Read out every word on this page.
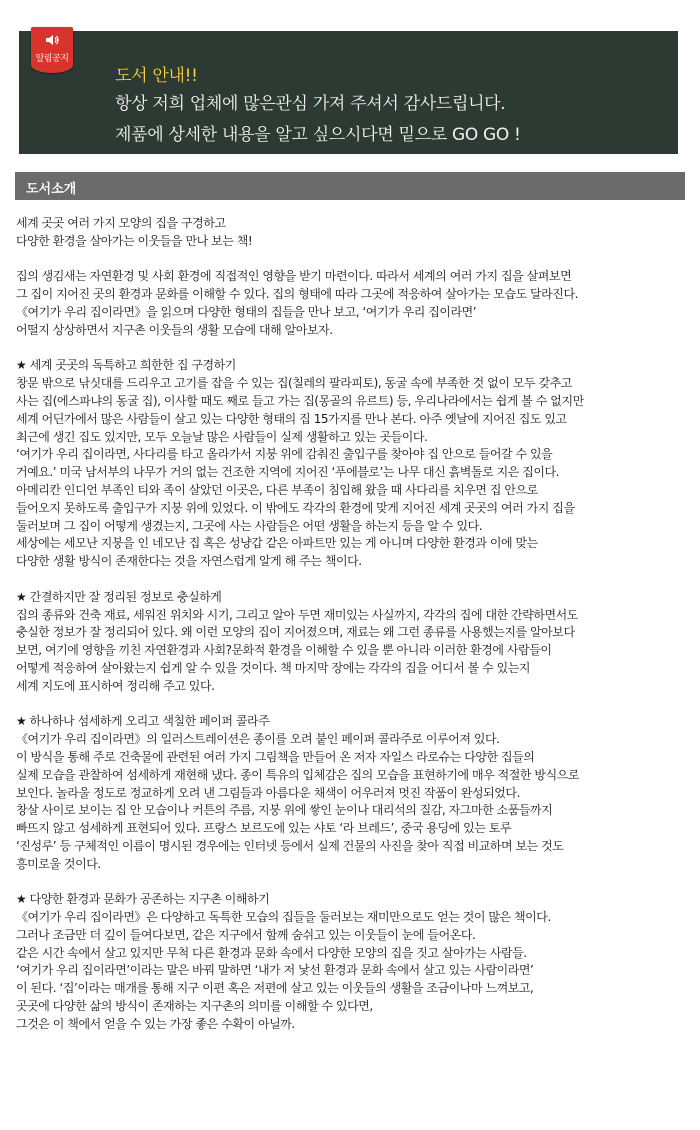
알림공지
도서 안내!!
항상 저희 업체에 많은관심 가져 주셔서 감사드립니다.
제품에 상세한 내용을 알고 싶으시다면 밑으로 GO GO !
도서소개

세계 곳곳 여러 가지 모양의 집을 구경하고

다양한 환경을 살아가는 이웃들을 만나 보는 책!

집의 생김새는 자연환경 및 사회 환경에 직접적인 영향을 받기 마련이다. 따라서 세계의 여러 가지 집을 살펴보면

그 집이 지어진 곳의 환경과 문화를 이해할 수 있다. 집의 형태에 따라 그곳에 적응하여 살아가는 모습도 달라진다.

《여기가 우리 집이라면》을 읽으며 다양한 형태의 집들을 만나 보고, ‘여기가 우리 집이라면’

어떨지 상상하면서 지구촌 이웃들의 생활 모습에 대해 알아보자.

★ 세계 곳곳의 독특하고 희한한 집 구경하기

창문 밖으로 낚싯대를 드리우고 고기를 잡을 수 있는 집(칠레의 팔라피토), 동굴 속에 부족한 것 없이 모두 갖추고

사는 집(에스파냐의 동굴 집), 이사할 때도 째로 들고 가는 집(몽골의 유르트) 등, 우리나라에서는 쉽게 볼 수 없지만

세계 어딘가에서 많은 사람들이 살고 있는 다양한 형태의 집 15가지를 만나 본다. 아주 옛날에 지어진 집도 있고

최근에 생긴 집도 있지만, 모두 오늘날 많은 사람들이 실제 생활하고 있는 곳들이다.

‘여기가 우리 집이라면, 사다리를 타고 올라가서 지붕 위에 감춰진 출입구를 찾아야 집 안으로 들어갈 수 있을

거예요.’ 미국 남서부의 나무가 거의 없는 건조한 지역에 지어진 ‘푸에블로’는 나무 대신 흙벽돌로 지은 집이다.

아메리칸 인디언 부족인 티와 족이 살았던 이곳은, 다른 부족이 침입해 왔을 때 사다리를 치우면 집 안으로

들어오지 못하도록 출입구가 지붕 위에 있었다. 이 밖에도 각각의 환경에 맞게 지어진 세계 곳곳의 여러 가지 집을

둘러보며 그 집이 어떻게 생겼는지, 그곳에 사는 사람들은 어떤 생활을 하는지 등을 알 수 있다.

세상에는 세모난 지붕을 인 네모난 집 혹은 성냥갑 같은 아파트만 있는 게 아니며 다양한 환경과 이에 맞는

다양한 생활 방식이 존재한다는 것을 자연스럽게 알게 해 주는 책이다.

★ 간결하지만 잘 정리된 정보로 충실하게

집의 종류와 건축 재료, 세워진 위치와 시기, 그리고 알아 두면 재미있는 사실까지, 각각의 집에 대한 간략하면서도

충실한 정보가 잘 정리되어 있다. 왜 이런 모양의 집이 지어졌으며, 재료는 왜 그런 종류를 사용했는지를 알아보다

보면, 여기에 영향을 끼친 자연환경과 사회?문화적 환경을 이해할 수 있을 뿐 아니라 이러한 환경에 사람들이

어떻게 적응하여 살아왔는지 쉽게 알 수 있을 것이다. 책 마지막 장에는 각각의 집을 어디서 볼 수 있는지

세계 지도에 표시하여 정리해 주고 있다.

★ 하나하나 섬세하게 오리고 색칠한 페이퍼 콜라주

《여기가 우리 집이라면》의 일러스트레이션은 종이를 오려 붙인 페이퍼 콜라주로 이루어져 있다.

이 방식을 통해 주로 건축물에 관련된 여러 가지 그림책을 만들어 온 저자 자일스 라로슈는 다양한 집들의

실제 모습을 관찰하여 섬세하게 재현해 냈다. 종이 특유의 입체감은 집의 모습을 표현하기에 매우 적절한 방식으로

보인다. 놀라울 정도로 정교하게 오려 낸 그림들과 아름다운 채색이 어우러져 멋진 작품이 완성되었다.

창살 사이로 보이는 집 안 모습이나 커튼의 주름, 지붕 위에 쌓인 눈이나 대리석의 질감, 자그마한 소품들까지

빠뜨지 않고 섬세하게 표현되어 있다. 프랑스 보르도에 있는 샤토 ‘라 브레드’, 중국 용딩에 있는 토루

‘진성루’ 등 구체적인 이름이 명시된 경우에는 인터넷 등에서 실제 건물의 사진을 찾아 직접 비교하며 보는 것도

흥미로울 것이다.

★ 다양한 환경과 문화가 공존하는 지구촌 이해하기

《여기가 우리 집이라면》은 다양하고 독특한 모습의 집들을 둘러보는 재미만으로도 얻는 것이 많은 책이다.

그러나 조금만 더 깊이 들여다보면, 같은 지구에서 함께 숨쉬고 있는 이웃들이 눈에 들어온다.

같은 시간 속에서 살고 있지만 무척 다른 환경과 문화 속에서 다양한 모양의 집을 짓고 살아가는 사람들.

‘여기가 우리 집이라면’이라는 말은 바꿔 말하면 ‘내가 저 낯선 환경과 문화 속에서 살고 있는 사람이라면’

이 된다. ‘집’이라는 매개를 통해 지구 이편 혹은 저편에 살고 있는 이웃들의 생활을 조금이나마 느껴보고,

곳곳에 다양한 삶의 방식이 존재하는 지구촌의 의미를 이해할 수 있다면,

그것은 이 책에서 얻을 수 있는 가장 좋은 수확이 아닐까.
